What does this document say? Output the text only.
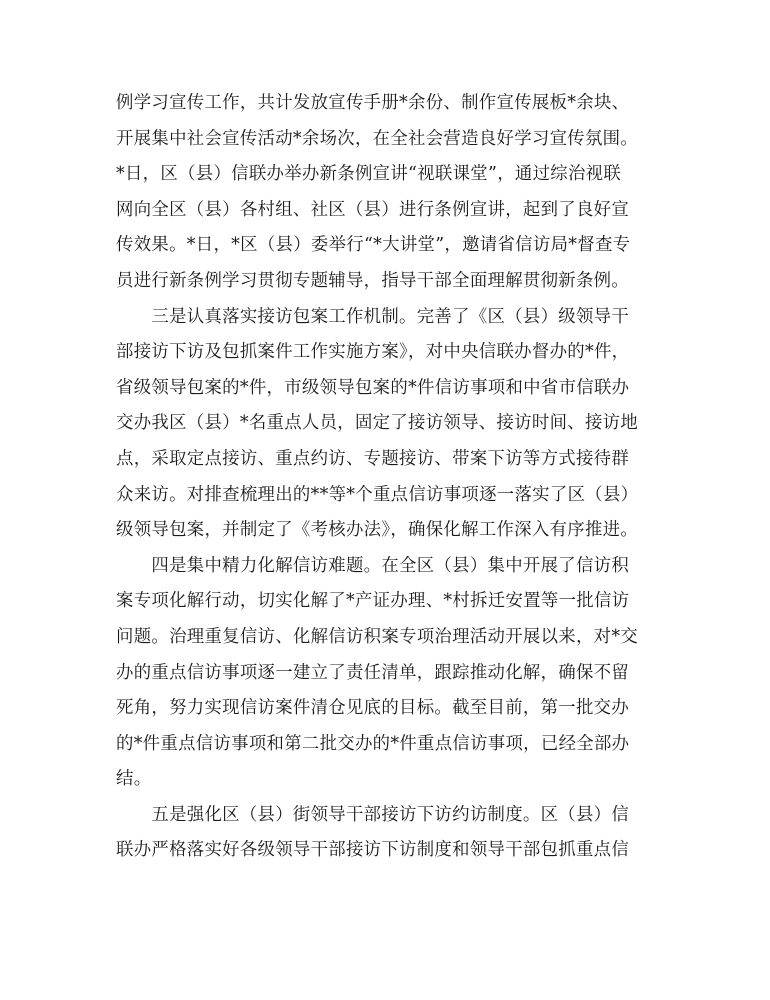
例学习宣传工作，共计发放宣传手册*余份、制作宣传展板*余块、
开展集中社会宣传活动*余场次，在全社会营造良好学习宣传氛围。
*日，区（县）信联办举办新条例宣讲“视联课堂”，通过综治视联
网向全区（县）各村组、社区（县）进行条例宣讲，起到了良好宣
传效果。*日，*区（县）委举行“*大讲堂”，邀请省信访局*督查专
员进行新条例学习贯彻专题辅导，指导干部全面理解贯彻新条例。
　　三是认真落实接访包案工作机制。完善了《区（县）级领导干
部接访下访及包抓案件工作实施方案》，对中央信联办督办的*件，
省级领导包案的*件，市级领导包案的*件信访事项和中省市信联办
交办我区（县）*名重点人员，固定了接访领导、接访时间、接访地
点，采取定点接访、重点约访、专题接访、带案下访等方式接待群
众来访。对排查梳理出的**等*个重点信访事项逐一落实了区（县）
级领导包案，并制定了《考核办法》，确保化解工作深入有序推进。
　　四是集中精力化解信访难题。在全区（县）集中开展了信访积
案专项化解行动，切实化解了*产证办理、*村拆迁安置等一批信访
问题。治理重复信访、化解信访积案专项治理活动开展以来，对*交
办的重点信访事项逐一建立了责任清单，跟踪推动化解，确保不留
死角，努力实现信访案件清仓见底的目标。截至目前，第一批交办
的*件重点信访事项和第二批交办的*件重点信访事项，已经全部办
结。
　　五是强化区（县）街领导干部接访下访约访制度。区（县）信
联办严格落实好各级领导干部接访下访制度和领导干部包抓重点信
